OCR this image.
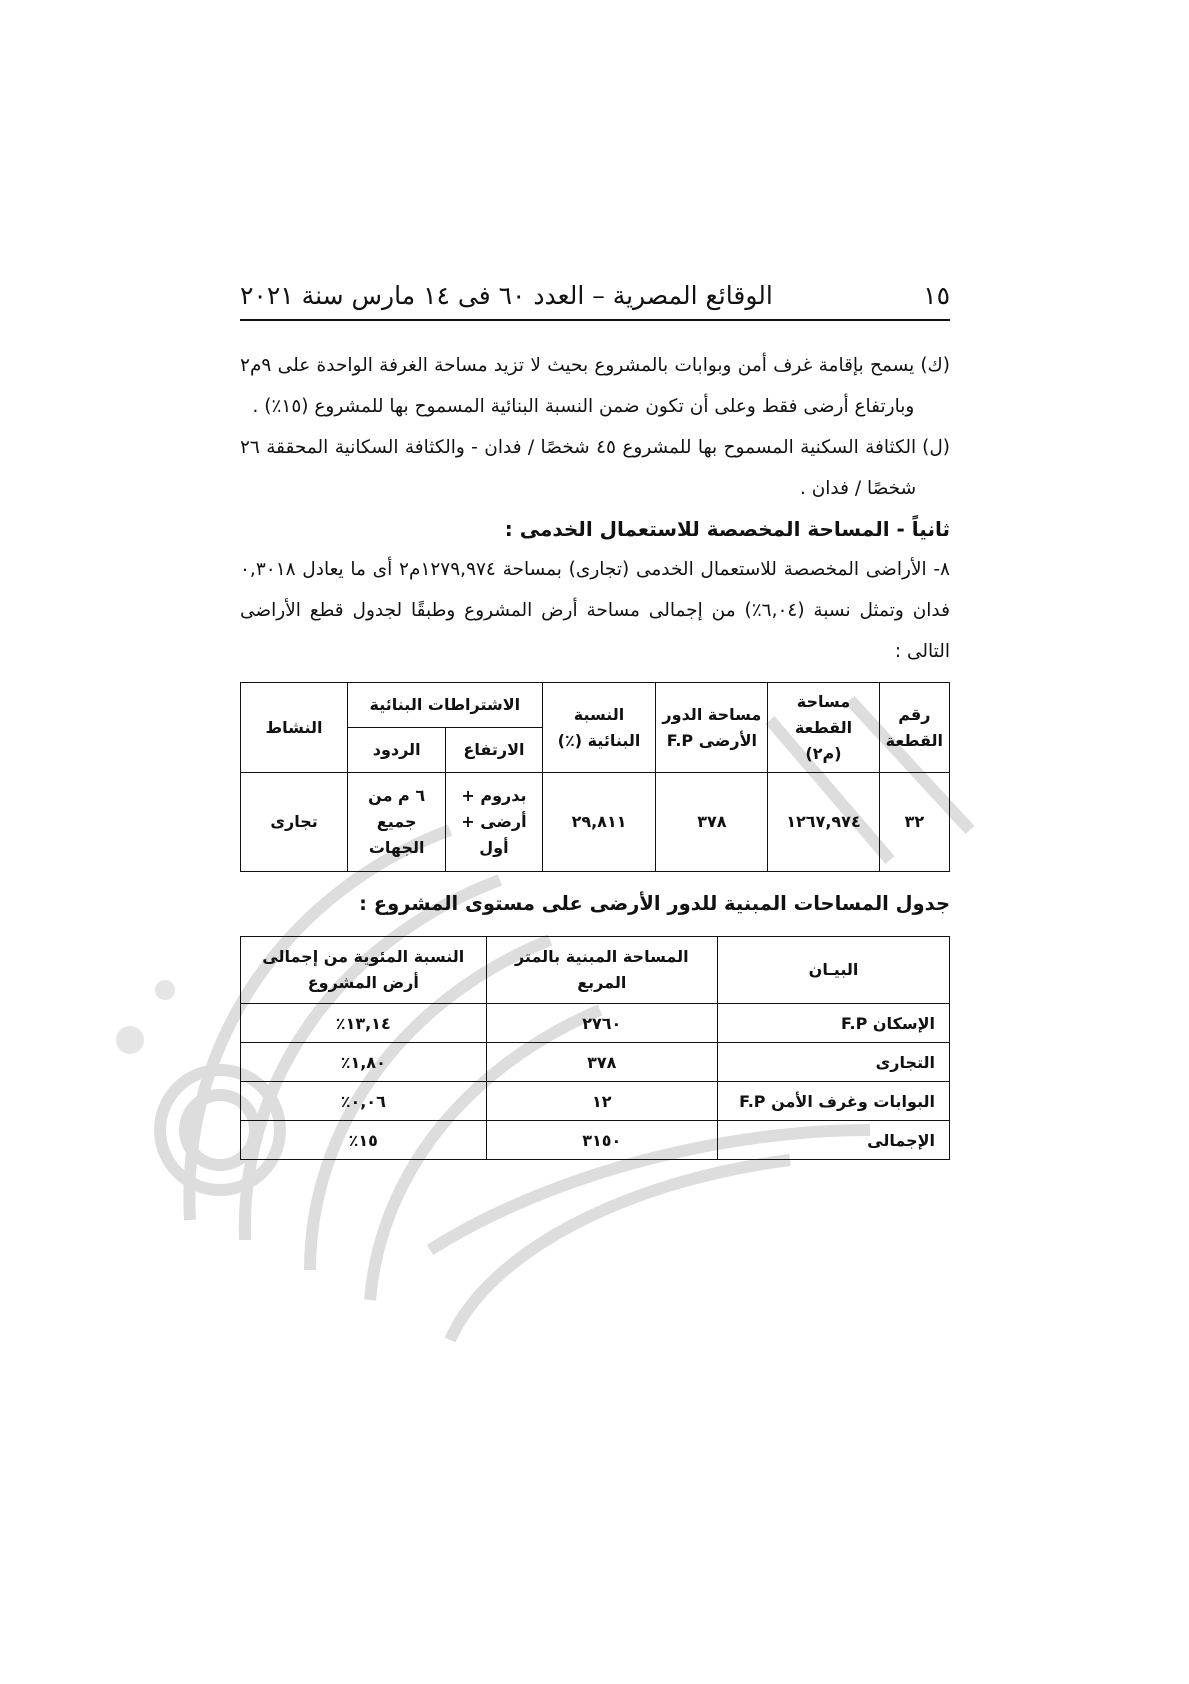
١٥
الوقائع المصرية – العدد ٦٠ فى ١٤ مارس سنة ٢٠٢١
(ك)
يسمح بإقامة غرف أمن وبوابات بالمشروع بحيث لا تزيد مساحة الغرفة الواحدة على ٩م٢ وبارتفاع أرضى فقط وعلى أن تكون ضمن النسبة البنائية المسموح بها للمشروع (١٥٪) .
(ل)
الكثافة السكنية المسموح بها للمشروع ٤٥ شخصًا / فدان - والكثافة السكانية المحققة ٢٦ شخصًا / فدان .
ثانياً - المساحة المخصصة للاستعمال الخدمى :
٨- الأراضى المخصصة للاستعمال الخدمى (تجارى) بمساحة ١٢٧٩,٩٧٤م٢ أى ما يعادل ٠,٣٠١٨ فدان وتمثل نسبة (٦,٠٤٪) من إجمالى مساحة أرض المشروع وطبقًا لجدول قطع الأراضى التالى :
رقم القطعة	مساحة القطعة (م٢)	مساحة الدور الأرضى F.P	النسبة البنائية (٪)	الاشتراطات البنائية		النشاط
				الارتفاع	الردود	
٣٢	١٢٦٧,٩٧٤	٣٧٨	٢٩,٨١١	بدروم + أرضى + أول	٦ م من جميع الجهات	تجارى
جدول المساحات المبنية للدور الأرضى على مستوى المشروع :
البيـان	المساحة المبنية بالمتر المربع	النسبة المئوية من إجمالى أرض المشروع
الإسكان F.P	٢٧٦٠	١٣,١٤٪
التجارى	٣٧٨	١,٨٠٪
البوابات وغرف الأمن F.P	١٢	٠,٠٦٪
الإجمالى	٣١٥٠	١٥٪
